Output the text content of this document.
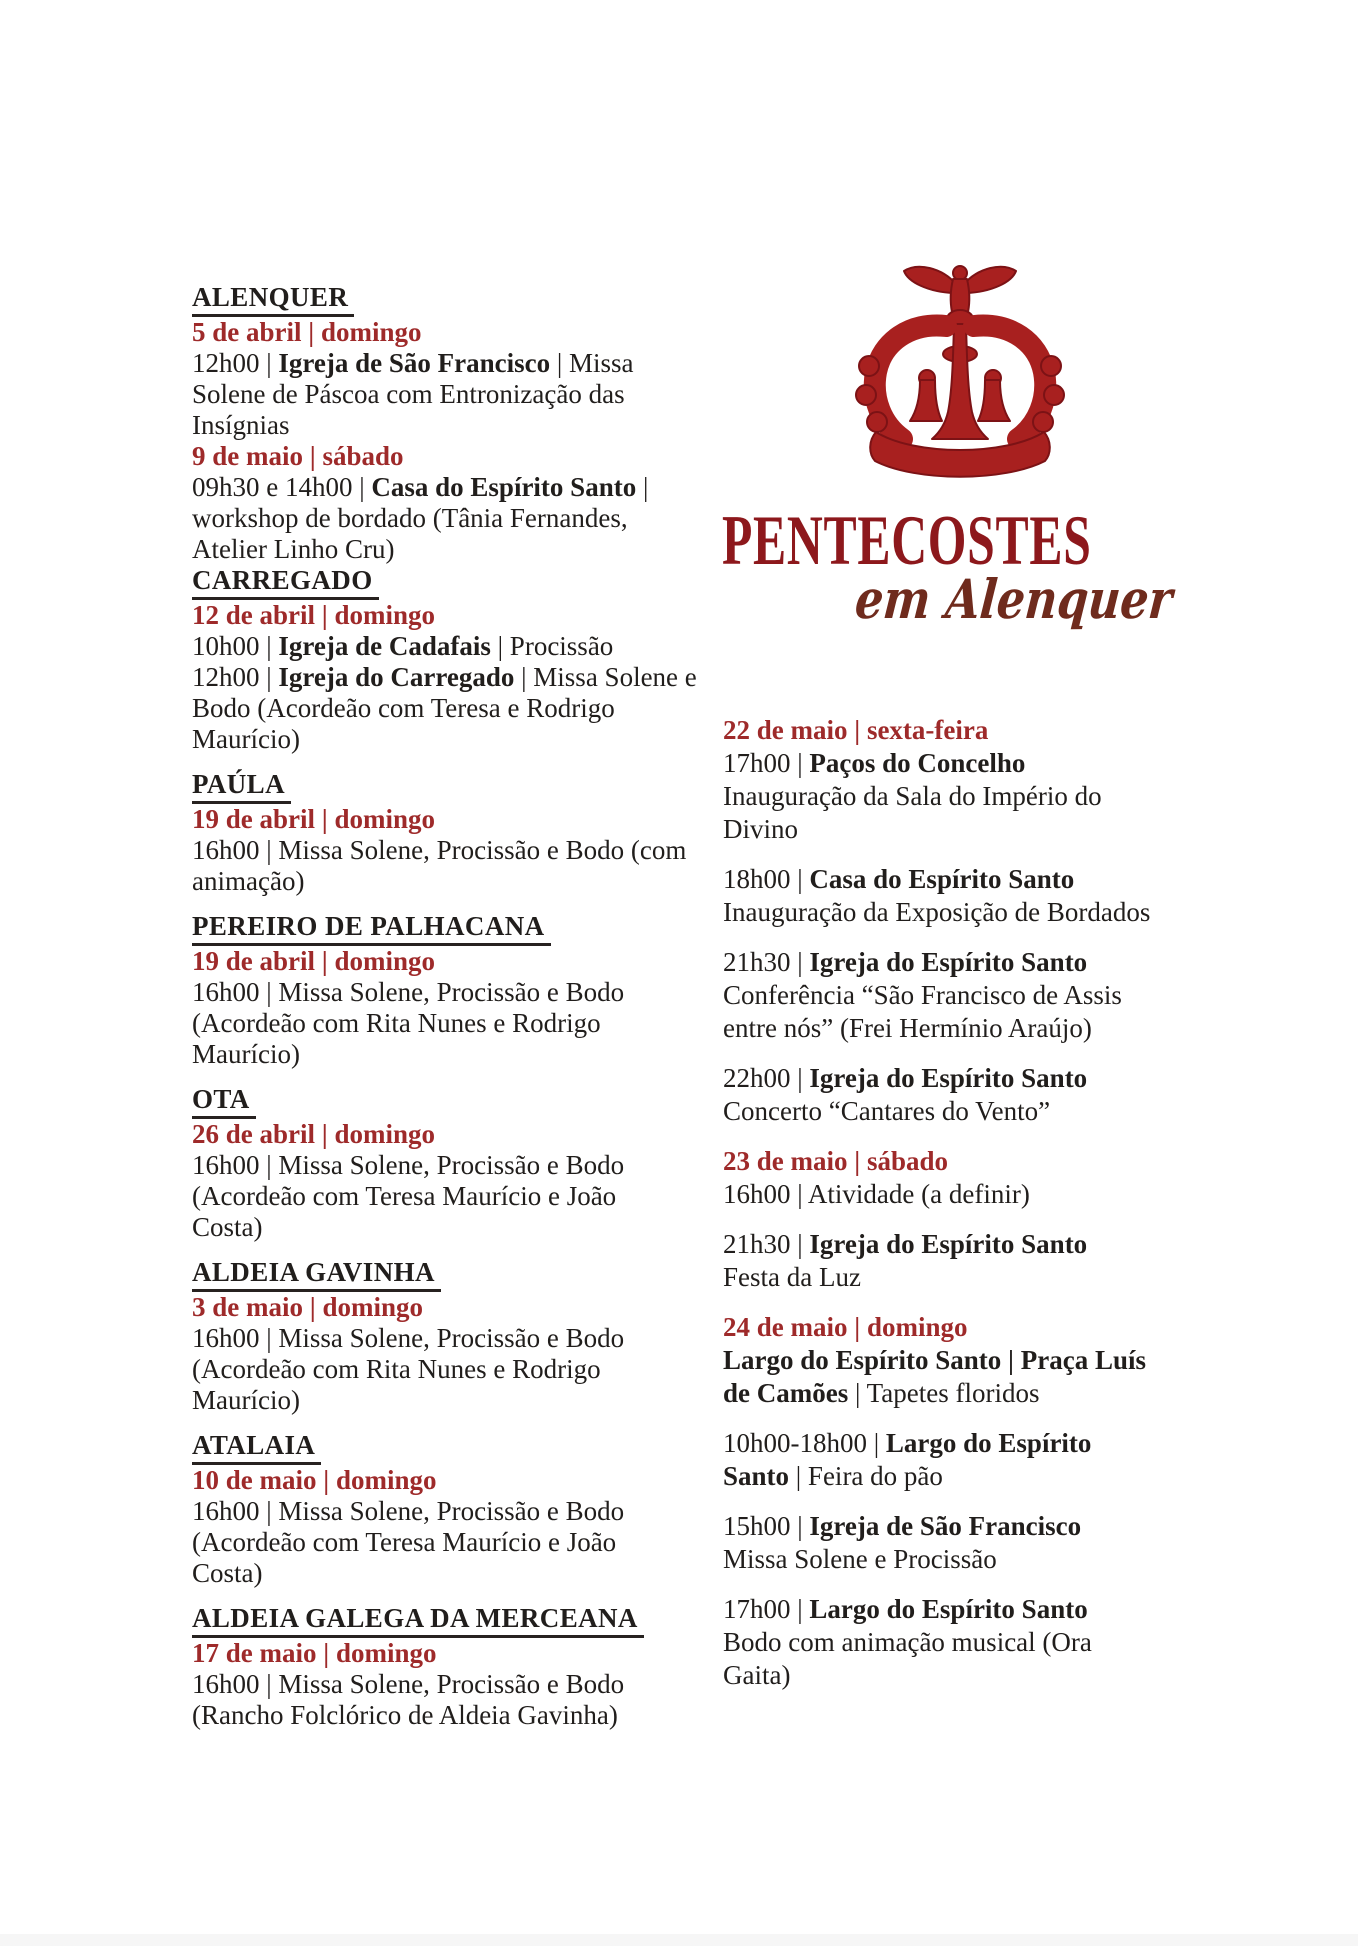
PENTECOSTES
em Alenquer
ALENQUER
5 de abril | domingo
12h00 | Igreja de São Francisco | Missa
Solene de Páscoa com Entronização das
Insígnias
9 de maio | sábado
09h30 e 14h00 | Casa do Espírito Santo |
workshop de bordado (Tânia Fernandes,
Atelier Linho Cru)
CARREGADO
12 de abril | domingo
10h00 | Igreja de Cadafais | Procissão
12h00 | Igreja do Carregado | Missa Solene e
Bodo (Acordeão com Teresa e Rodrigo
Maurício)
PAÚLA
19 de abril | domingo
16h00 | Missa Solene, Procissão e Bodo (com
animação)
PEREIRO DE PALHACANA
19 de abril | domingo
16h00 | Missa Solene, Procissão e Bodo
(Acordeão com Rita Nunes e Rodrigo
Maurício)
OTA
26 de abril | domingo
16h00 | Missa Solene, Procissão e Bodo
(Acordeão com Teresa Maurício e João
Costa)
ALDEIA GAVINHA
3 de maio | domingo
16h00 | Missa Solene, Procissão e Bodo
(Acordeão com Rita Nunes e Rodrigo
Maurício)
ATALAIA
10 de maio | domingo
16h00 | Missa Solene, Procissão e Bodo
(Acordeão com Teresa Maurício e João
Costa)
ALDEIA GALEGA DA MERCEANA
17 de maio | domingo
16h00 | Missa Solene, Procissão e Bodo
(Rancho Folclórico de Aldeia Gavinha)
22 de maio | sexta-feira
17h00 | Paços do Concelho
Inauguração da Sala do Império do
Divino
18h00 | Casa do Espírito Santo
Inauguração da Exposição de Bordados
21h30 | Igreja do Espírito Santo
Conferência “São Francisco de Assis
entre nós” (Frei Hermínio Araújo)
22h00 | Igreja do Espírito Santo
Concerto “Cantares do Vento”
23 de maio | sábado
16h00 | Atividade (a definir)
21h30 | Igreja do Espírito Santo
Festa da Luz
24 de maio | domingo
Largo do Espírito Santo | Praça Luís
de Camões | Tapetes floridos
10h00-18h00 | Largo do Espírito
Santo | Feira do pão
15h00 | Igreja de São Francisco
Missa Solene e Procissão
17h00 | Largo do Espírito Santo
Bodo com animação musical (Ora
Gaita)
